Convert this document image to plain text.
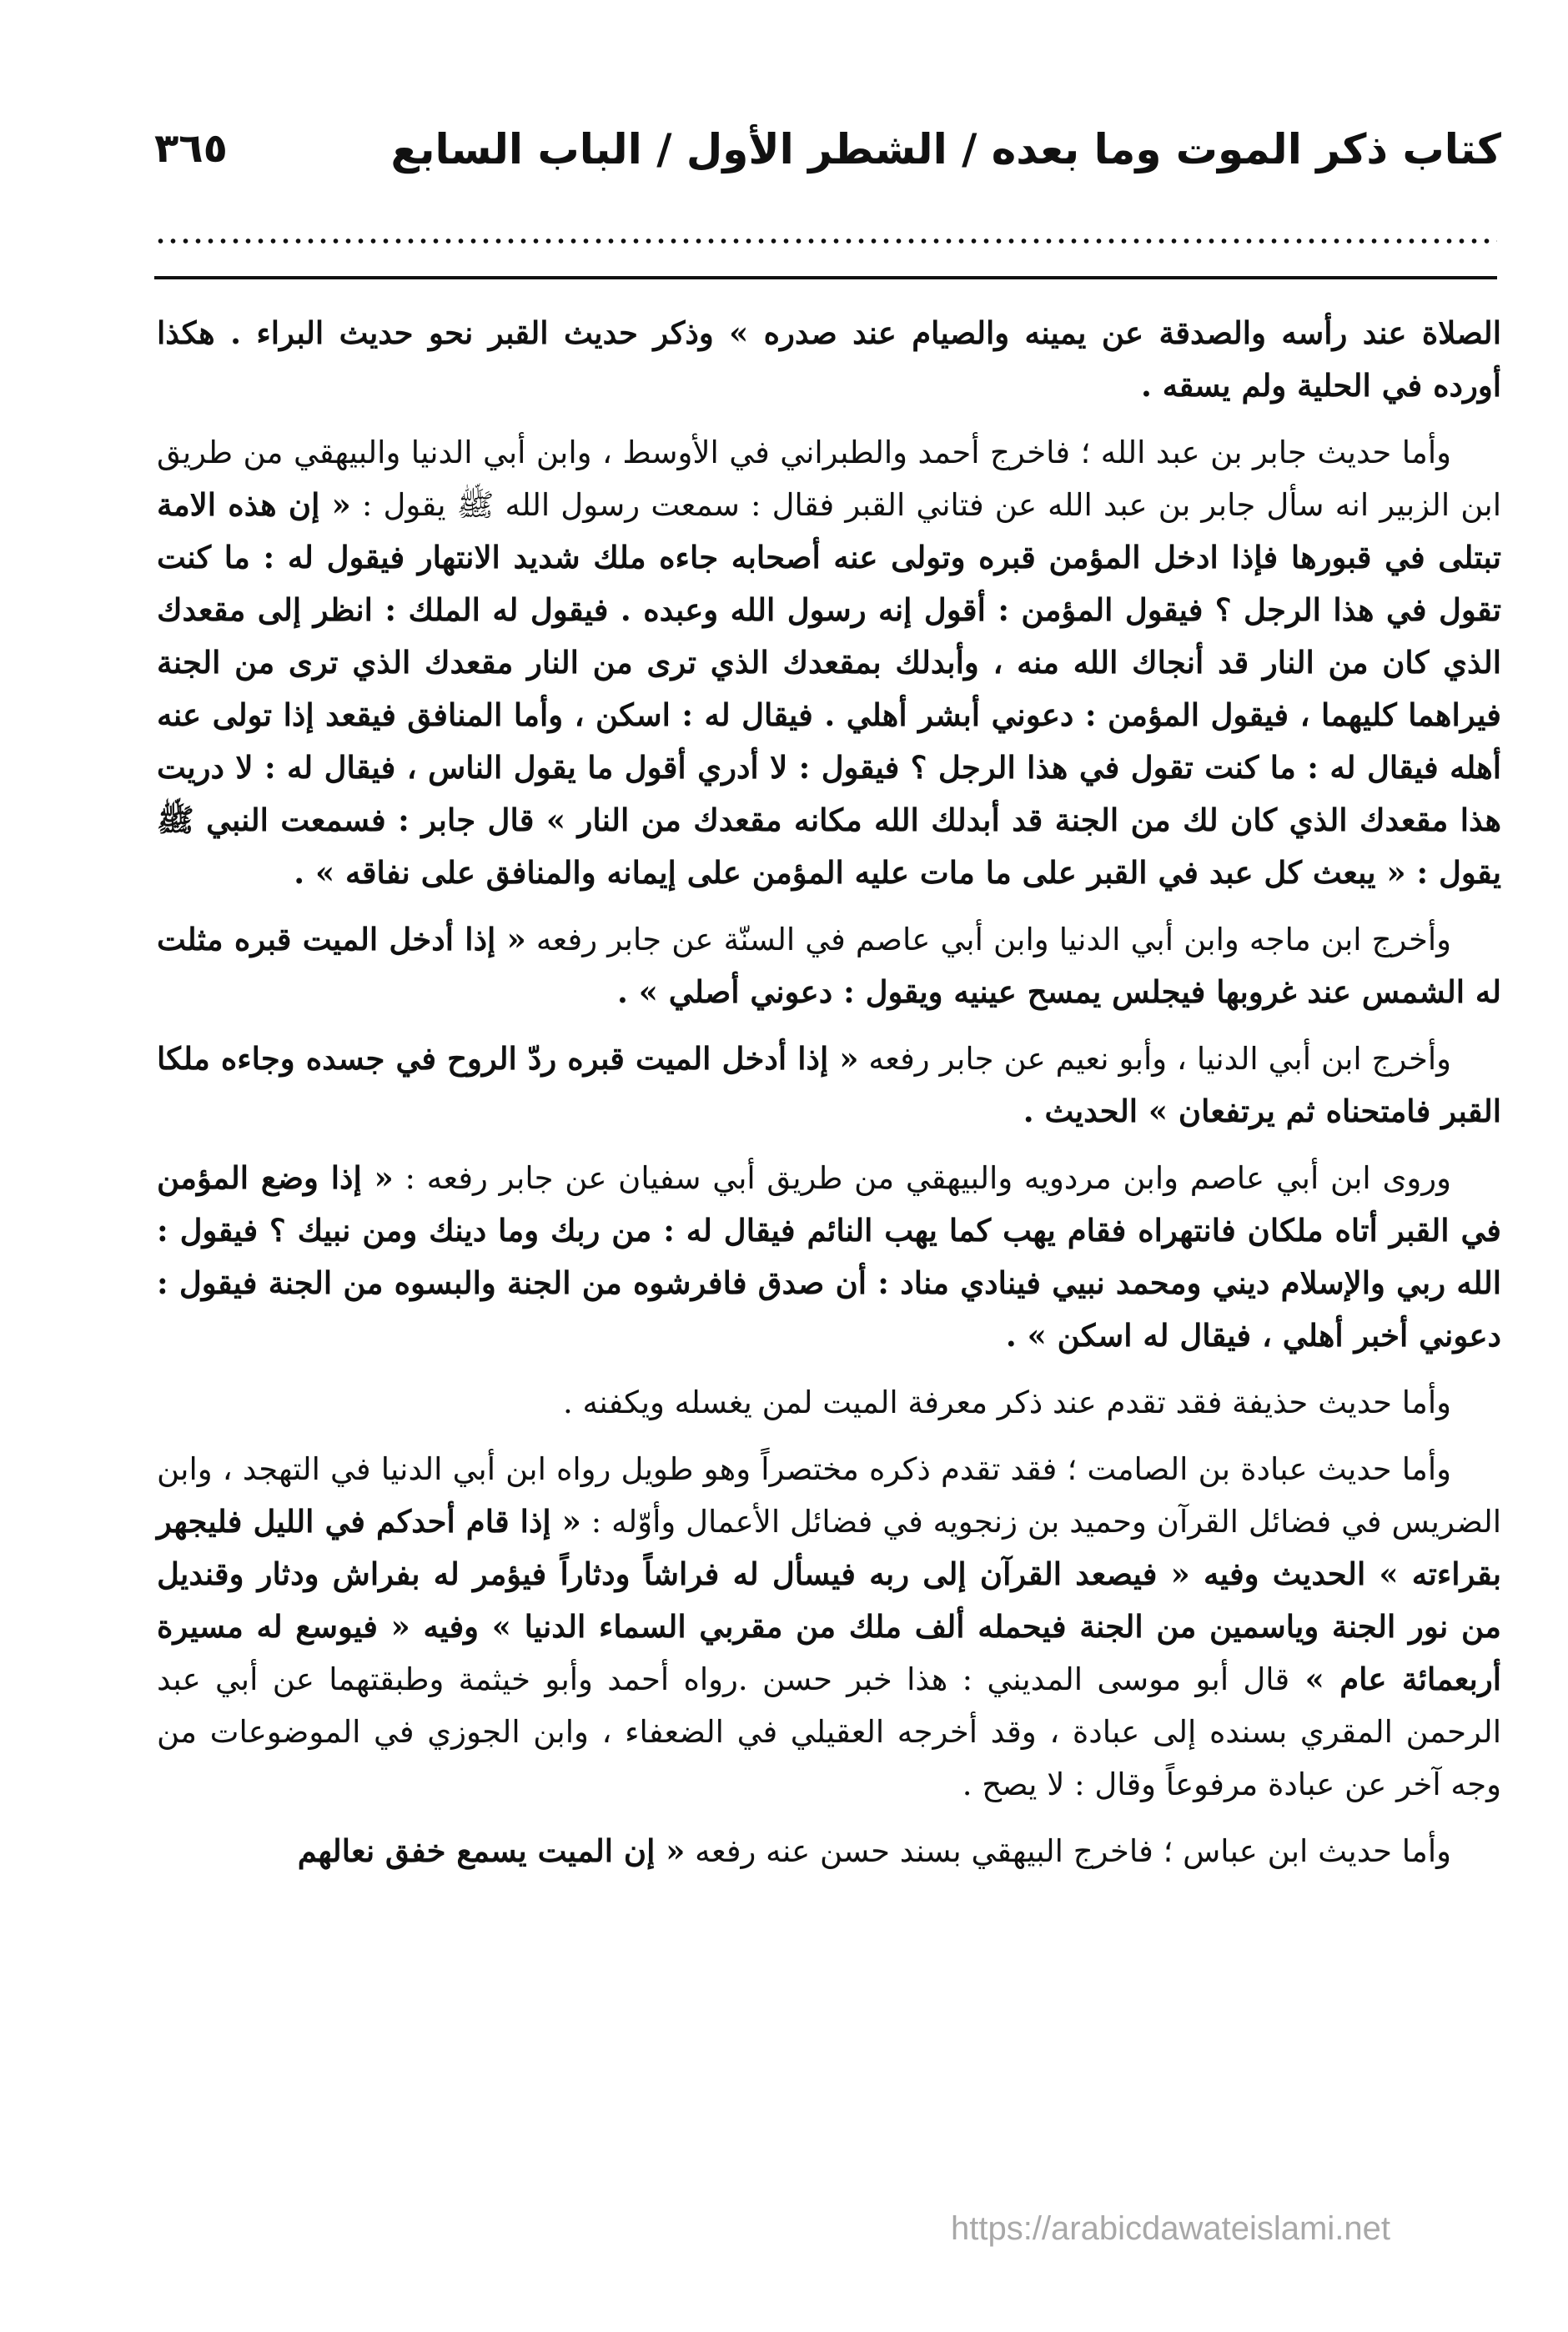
كتاب ذكر الموت وما بعده / الشطر الأول / الباب السابع
٣٦٥

الصلاة عند رأسه والصدقة عن يمينه والصيام عند صدره » وذكر حديث القبر نحو حديث البراء . هكذا أورده في الحلية ولم يسقه .

وأما حديث جابر بن عبد الله ؛ فاخرج أحمد والطبراني في الأوسط ، وابن أبي الدنيا والبيهقي من طريق ابن الزبير انه سأل جابر بن عبد الله عن فتاني القبر فقال : سمعت رسول الله ﷺ يقول : « إن هذه الامة تبتلى في قبورها فإذا ادخل المؤمن قبره وتولى عنه أصحابه جاءه ملك شديد الانتهار فيقول له : ما كنت تقول في هذا الرجل ؟ فيقول المؤمن : أقول إنه رسول الله وعبده . فيقول له الملك : انظر إلى مقعدك الذي كان من النار قد أنجاك الله منه ، وأبدلك بمقعدك الذي ترى من النار مقعدك الذي ترى من الجنة فيراهما كليهما ، فيقول المؤمن : دعوني أبشر أهلي . فيقال له : اسكن ، وأما المنافق فيقعد إذا تولى عنه أهله فيقال له : ما كنت تقول في هذا الرجل ؟ فيقول : لا أدري أقول ما يقول الناس ، فيقال له : لا دريت هذا مقعدك الذي كان لك من الجنة قد أبدلك الله مكانه مقعدك من النار » قال جابر : فسمعت النبي ﷺ يقول : « يبعث كل عبد في القبر على ما مات عليه المؤمن على إيمانه والمنافق على نفاقه » .

وأخرج ابن ماجه وابن أبي الدنيا وابن أبي عاصم في السنّة عن جابر رفعه « إذا أدخل الميت قبره مثلت له الشمس عند غروبها فيجلس يمسح عينيه ويقول : دعوني أصلي » .

وأخرج ابن أبي الدنيا ، وأبو نعيم عن جابر رفعه « إذا أدخل الميت قبره ردّ الروح في جسده وجاءه ملكا القبر فامتحناه ثم يرتفعان » الحديث .

وروى ابن أبي عاصم وابن مردويه والبيهقي من طريق أبي سفيان عن جابر رفعه : « إذا وضع المؤمن في القبر أتاه ملكان فانتهراه فقام يهب كما يهب النائم فيقال له : من ربك وما دينك ومن نبيك ؟ فيقول : الله ربي والإسلام ديني ومحمد نبيي فينادي مناد : أن صدق فافرشوه من الجنة والبسوه من الجنة فيقول : دعوني أخبر أهلي ، فيقال له اسكن » .

وأما حديث حذيفة فقد تقدم عند ذكر معرفة الميت لمن يغسله ويكفنه .

وأما حديث عبادة بن الصامت ؛ فقد تقدم ذكره مختصراً وهو طويل رواه ابن أبي الدنيا في التهجد ، وابن الضريس في فضائل القرآن وحميد بن زنجويه في فضائل الأعمال وأوّله : « إذا قام أحدكم في الليل فليجهر بقراءته » الحديث وفيه « فيصعد القرآن إلى ربه فيسأل له فراشاً ودثاراً فيؤمر له بفراش ودثار وقنديل من نور الجنة وياسمين من الجنة فيحمله ألف ملك من مقربي السماء الدنيا » وفيه « فيوسع له مسيرة أربعمائة عام » قال أبو موسى المديني : هذا خبر حسن .رواه أحمد وأبو خيثمة وطبقتهما عن أبي عبد الرحمن المقري بسنده إلى عبادة ، وقد أخرجه العقيلي في الضعفاء ، وابن الجوزي في الموضوعات من وجه آخر عن عبادة مرفوعاً وقال : لا يصح .

وأما حديث ابن عباس ؛ فاخرج البيهقي بسند حسن عنه رفعه « إن الميت يسمع خفق نعالهم

https://arabicdawateislami.net
